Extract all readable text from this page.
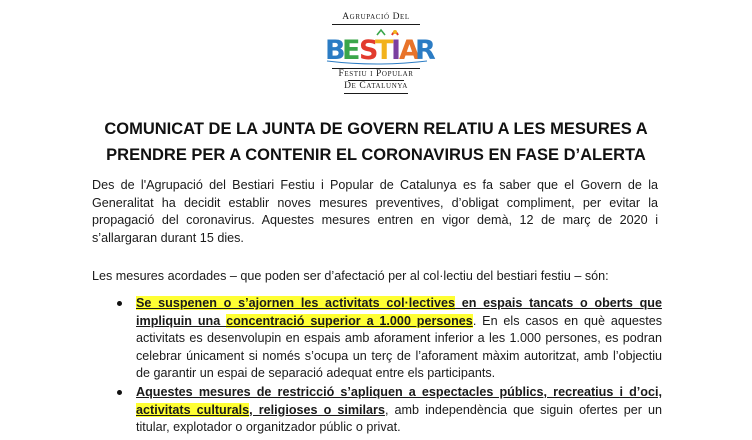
Agrupació Del
B
E
S
T
I
A
R
Festiu i Popular
De Catalunya
COMUNICAT DE LA JUNTA DE GOVERN RELATIU A LES MESURES A
PRENDRE PER A CONTENIR EL CORONAVIRUS EN FASE D’ALERTA
Des de l'Agrupació del Bestiari Festiu i Popular de Catalunya es fa saber que el Govern de la Generalitat ha decidit establir noves mesures preventives, d’obligat compliment, per evitar la propagació del coronavirus. Aquestes mesures entren en vigor demà, 12 de març de 2020 i s’allargaran durant 15 dies.
Les mesures acordades – que poden ser d’afectació per al col·lectiu del bestiari festiu – són:
Se suspenen o s’ajornen les activitats col·lectives en espais tancats o oberts que impliquin una concentració superior a 1.000 persones. En els casos en què aquestes activitats es desenvolupin en espais amb aforament inferior a les 1.000 persones, es podran celebrar únicament si només s’ocupa un terç de l’aforament màxim autoritzat, amb l’objectiu de garantir un espai de separació adequat entre els participants.
Aquestes mesures de restricció s’apliquen a espectacles públics, recreatius i d’oci, activitats culturals, religioses o similars, amb independència que siguin ofertes per un titular, explotador o organitzador públic o privat.
